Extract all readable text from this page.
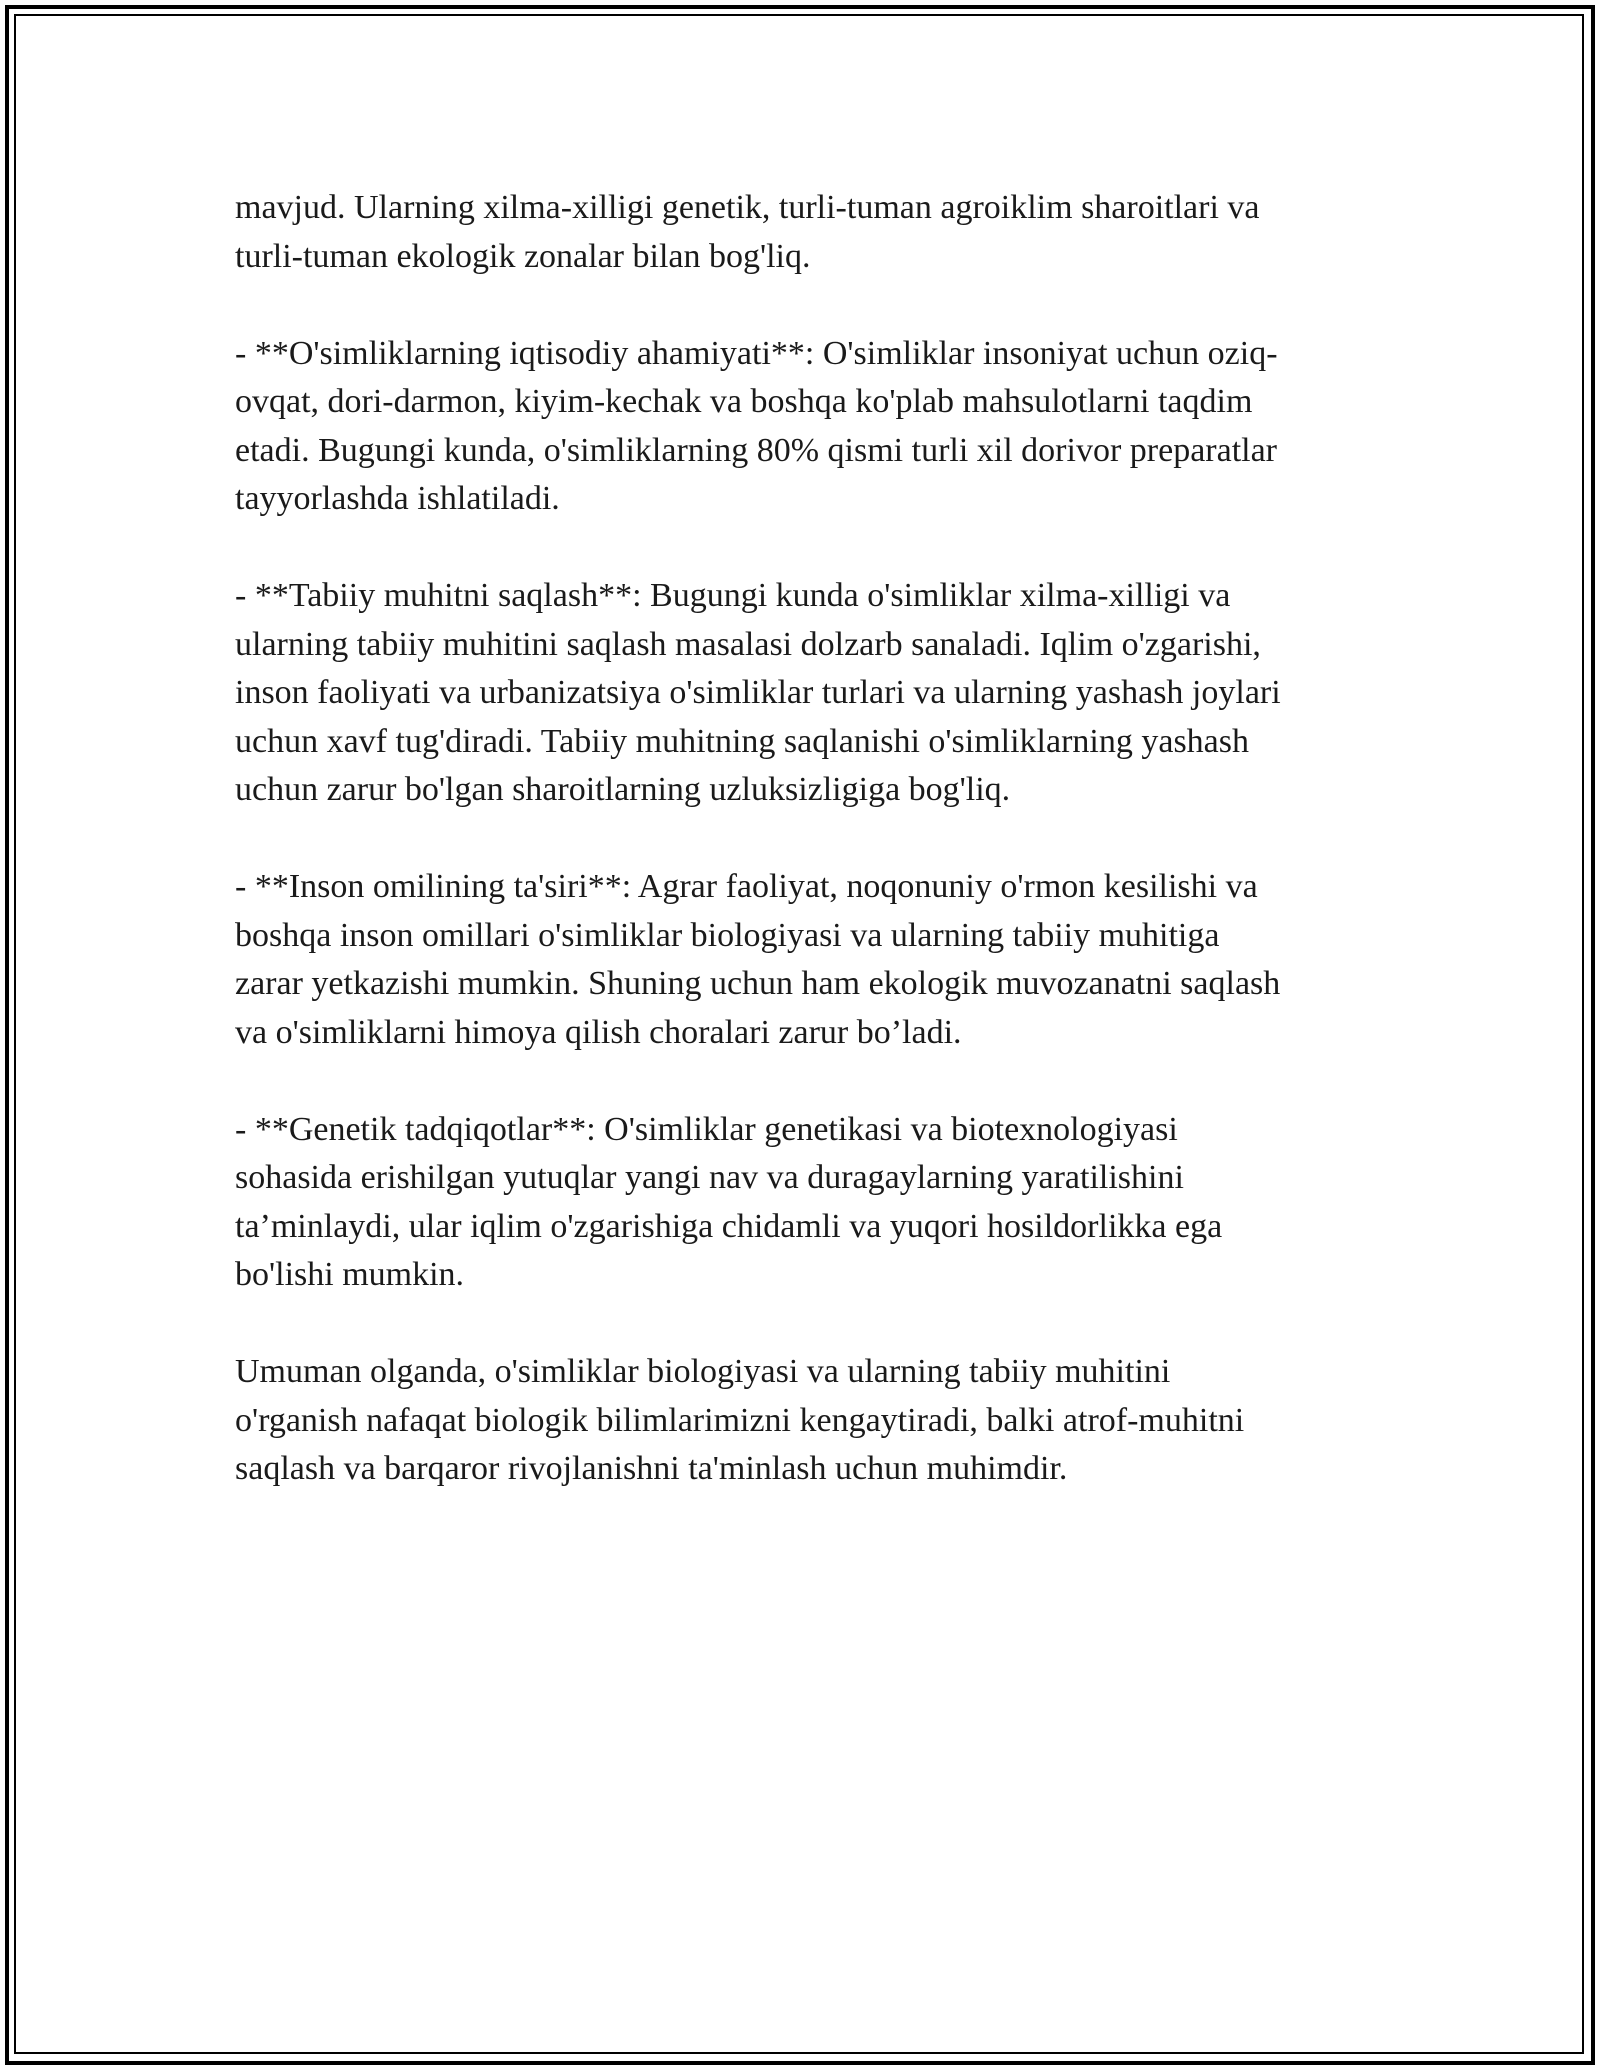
mavjud. Ularning xilma-xilligi genetik, turli-tuman agroiklim sharoitlari va
turli-tuman ekologik zonalar bilan bog'liq.

- **O'simliklarning iqtisodiy ahamiyati**: O'simliklar insoniyat uchun oziq-
ovqat, dori-darmon, kiyim-kechak va boshqa ko'plab mahsulotlarni taqdim
etadi. Bugungi kunda, o'simliklarning 80% qismi turli xil dorivor preparatlar
tayyorlashda ishlatiladi.

- **Tabiiy muhitni saqlash**: Bugungi kunda o'simliklar xilma-xilligi va
ularning tabiiy muhitini saqlash masalasi dolzarb sanaladi. Iqlim o'zgarishi,
inson faoliyati va urbanizatsiya o'simliklar turlari va ularning yashash joylari
uchun xavf tug'diradi. Tabiiy muhitning saqlanishi o'simliklarning yashash
uchun zarur bo'lgan sharoitlarning uzluksizligiga bog'liq.

- **Inson omilining ta'siri**: Agrar faoliyat, noqonuniy o'rmon kesilishi va
boshqa inson omillari o'simliklar biologiyasi va ularning tabiiy muhitiga
zarar yetkazishi mumkin. Shuning uchun ham ekologik muvozanatni saqlash
va o'simliklarni himoya qilish choralari zarur bo’ladi.

- **Genetik tadqiqotlar**: O'simliklar genetikasi va biotexnologiyasi
sohasida erishilgan yutuqlar yangi nav va duragaylarning yaratilishini
ta’minlaydi, ular iqlim o'zgarishiga chidamli va yuqori hosildorlikka ega
bo'lishi mumkin.

Umuman olganda, o'simliklar biologiyasi va ularning tabiiy muhitini
o'rganish nafaqat biologik bilimlarimizni kengaytiradi, balki atrof-muhitni
saqlash va barqaror rivojlanishni ta'minlash uchun muhimdir.
